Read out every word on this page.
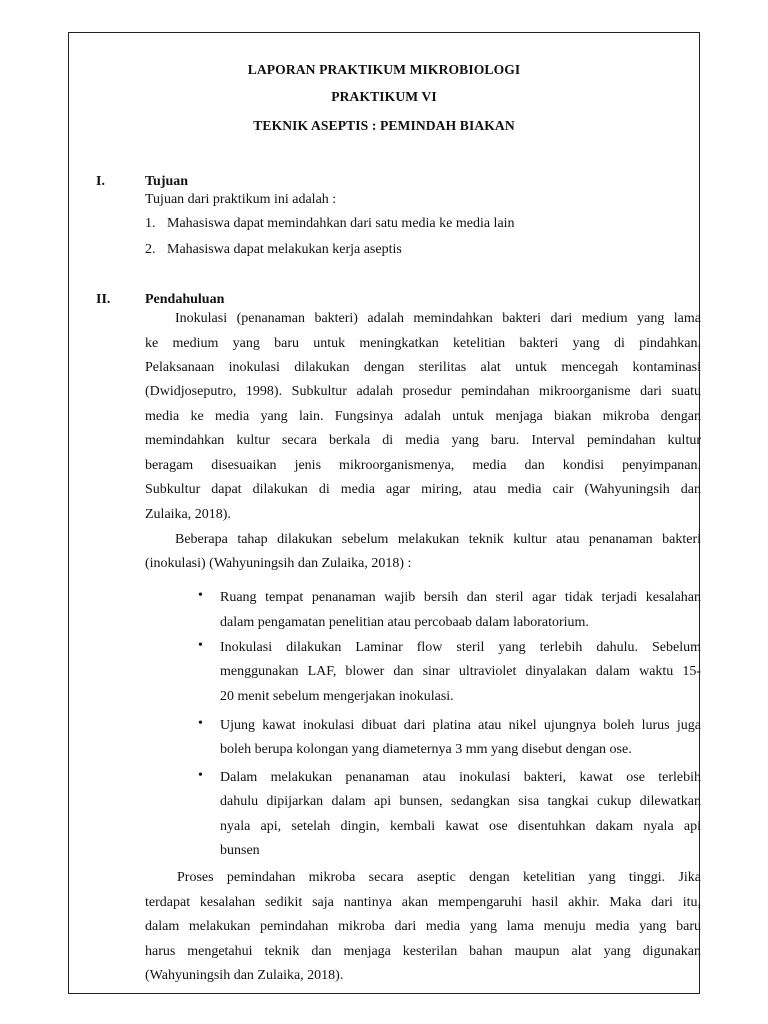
LAPORAN PRAKTIKUM MIKROBIOLOGI
PRAKTIKUM VI
TEKNIK ASEPTIS : PEMINDAH BIAKAN
I.	Tujuan
Tujuan dari praktikum ini adalah :
1. Mahasiswa dapat memindahkan dari satu media ke media lain
2. Mahasiswa dapat melakukan kerja aseptis
II. Pendahuluan
Inokulasi (penanaman bakteri) adalah memindahkan bakteri dari medium yang lama
ke medium yang baru untuk meningkatkan ketelitian bakteri yang di pindahkan.
Pelaksanaan inokulasi dilakukan dengan sterilitas alat untuk mencegah kontaminasi
(Dwidjoseputro, 1998). Subkultur adalah prosedur pemindahan mikroorganisme dari suatu
media ke media yang lain. Fungsinya adalah untuk menjaga biakan mikroba dengan
memindahkan kultur secara berkala di media yang baru. Interval pemindahan kultur
beragam disesuaikan jenis mikroorganismenya, media dan kondisi penyimpanan.
Subkultur dapat dilakukan di media agar miring, atau media cair (Wahyuningsih dan
Zulaika, 2018).
Beberapa tahap dilakukan sebelum melakukan teknik kultur atau penanaman bakteri
(inokulasi) (Wahyuningsih dan Zulaika, 2018) :
• Ruang tempat penanaman wajib bersih dan steril agar tidak terjadi kesalahan
dalam pengamatan penelitian atau percobaab dalam laboratorium.
• Inokulasi dilakukan Laminar flow steril yang terlebih dahulu. Sebelum
menggunakan LAF, blower dan sinar ultraviolet dinyalakan dalam waktu 15-
20 menit sebelum mengerjakan inokulasi.
• Ujung kawat inokulasi dibuat dari platina atau nikel ujungnya boleh lurus juga
boleh berupa kolongan yang diameternya 3 mm yang disebut dengan ose.
• Dalam melakukan penanaman atau inokulasi bakteri, kawat ose terlebih
dahulu dipijarkan dalam api bunsen, sedangkan sisa tangkai cukup dilewatkan
nyala api, setelah dingin, kembali kawat ose disentuhkan dakam nyala api
bunsen
Proses pemindahan mikroba secara aseptic dengan ketelitian yang tinggi. Jika
terdapat kesalahan sedikit saja nantinya akan mempengaruhi hasil akhir. Maka dari itu,
dalam melakukan pemindahan mikroba dari media yang lama menuju media yang baru
harus mengetahui teknik dan menjaga kesterilan bahan maupun alat yang digunakan
(Wahyuningsih dan Zulaika, 2018).
